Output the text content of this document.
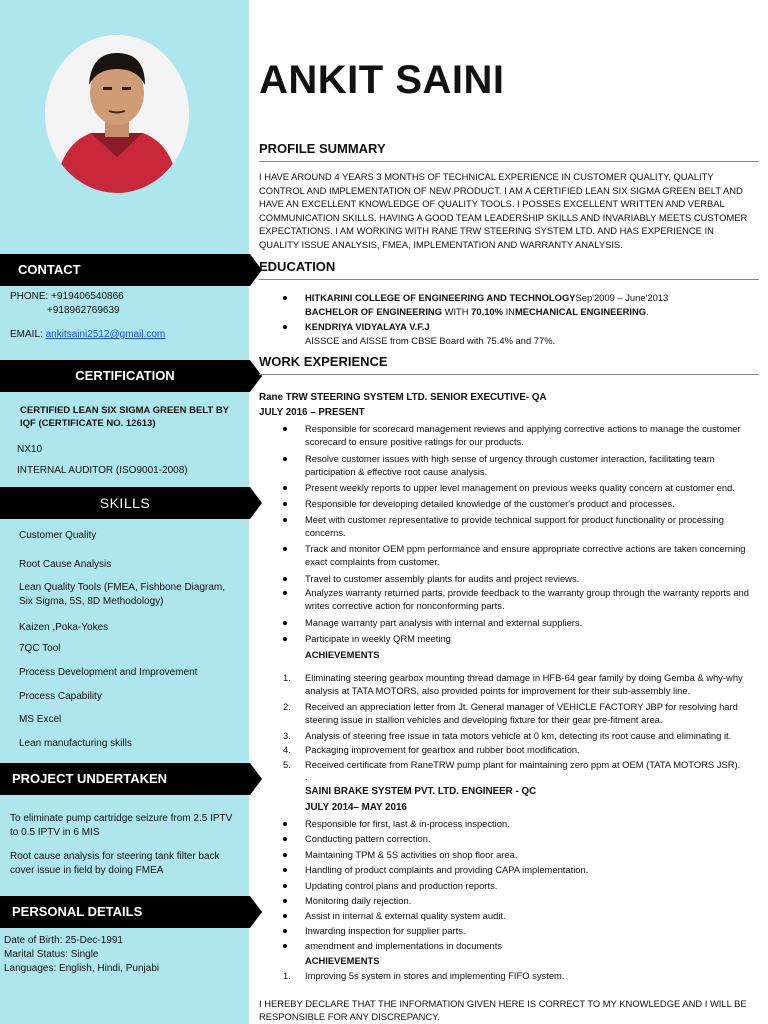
CONTACT
PHONE: +919406540866
+918962769639
EMAIL: ankitsaini2512@gmail.com
CERTIFICATION
CERTIFIED LEAN SIX SIGMA GREEN BELT BY IQF (CERTIFICATE NO. 12613)
NX10
INTERNAL AUDITOR (ISO9001-2008)
SKILLS
Customer Quality
Root Cause Analysis
Lean Quality Tools (FMEA, Fishbone Diagram, Six Sigma, 5S, 8D Methodology)
Kaizen ,Poka-Yokes
7QC Tool
Process Development and Improvement
Process Capability
MS Excel
Lean manufacturing skills
PROJECT UNDERTAKEN
To eliminate pump cartridge seizure from 2.5 IPTV to 0.5 IPTV in 6 MIS
Root cause analysis for steering tank filter back cover issue in field by doing FMEA
PERSONAL DETAILS
Date of Birth: 25-Dec-1991
Marital Status: Single
Languages: English, Hindi, Punjabi
ANKIT SAINI
PROFILE SUMMARY
I HAVE AROUND 4 YEARS 3 MONTHS OF TECHNICAL EXPERIENCE IN CUSTOMER QUALITY, QUALITY CONTROL AND IMPLEMENTATION OF NEW PRODUCT. I AM A CERTIFIED LEAN SIX SIGMA GREEN BELT AND HAVE AN EXCELLENT KNOWLEDGE OF QUALITY TOOLS. I POSSES EXCELLENT WRITTEN AND VERBAL COMMUNICATION SKILLS. HAVING A GOOD TEAM LEADERSHIP SKILLS AND INVARIABLY MEETS CUSTOMER EXPECTATIONS. I AM WORKING WITH RANE TRW STEERING SYSTEM LTD. AND HAS EXPERIENCE IN QUALITY ISSUE ANALYSIS, FMEA, IMPLEMENTATION AND WARRANTY ANALYSIS.
EDUCATION
HITKARINI COLLEGE OF ENGINEERING AND TECHNOLOGYSep'2009 – June'2013
BACHELOR OF ENGINEERING WITH 70.10% INMECHANICAL ENGINEERING.
KENDRIYA VIDYALAYA V.F.J
AISSCE and AISSE from CBSE Board with 75.4% and 77%.
WORK EXPERIENCE
Rane TRW STEERING SYSTEM LTD. SENIOR EXECUTIVE- QA
JULY 2016 – PRESENT
Responsible for scorecard management reviews and applying corrective actions to manage the customer scorecard to ensure positive ratings for our products.
Resolve customer issues with high sense of urgency through customer interaction, facilitating team participation & effective root cause analysis.
Present weekly reports to upper level management on previous weeks quality concern at customer end.
Responsible for developing detailed knowledge of the customer's product and processes.
Meet with customer representative to provide technical support for product functionality or processing concerns.
Track and monitor OEM ppm performance and ensure appropriate corrective actions are taken concerning exact complaints from customer.
Travel to customer assembly plants for audits and project reviews.
Analyzes warranty returned parts, provide feedback to the warranty group through the warranty reports and writes corrective action for nonconforming parts.
Manage warranty part analysis with internal and external suppliers.
Participate in weekly QRM meeting
ACHIEVEMENTS
1. Eliminating steering gearbox mounting thread damage in HFB-64 gear family by doing Gemba & why-why analysis at TATA MOTORS, also provided points for improvement for their sub-assembly line.
2. Received an appreciation letter from Jt. General manager of VEHICLE FACTORY JBP for resolving hard steering issue in stallion vehicles and developing fixture for their gear pre-fitment area.
3. Analysis of steering free issue in tata motors vehicle at 0 km, detecting its root cause and eliminating it.
4. Packaging improvement for gearbox and rubber boot modification.
5. Received certificate from RaneTRW pump plant for maintaining zero ppm at OEM (TATA MOTORS JSR).
.
SAINI BRAKE SYSTEM PVT. LTD. ENGINEER - QC
JULY 2014– MAY 2016
Responsible for first, last & in-process inspection.
Conducting pattern correction.
Maintaining TPM & 5S activities on shop floor area.
Handling of product complaints and providing CAPA implementation.
Updating control plans and production reports.
Monitoring daily rejection.
Assist in internal & external quality system audit.
Inwarding inspection for supplier parts.
amendment and implementations in documents
ACHIEVEMENTS
1. Improving 5s system in stores and implementing FIFO system.
I HEREBY DECLARE THAT THE INFORMATION GIVEN HERE IS CORRECT TO MY KNOWLEDGE AND I WILL BE RESPONSIBLE FOR ANY DISCREPANCY.
